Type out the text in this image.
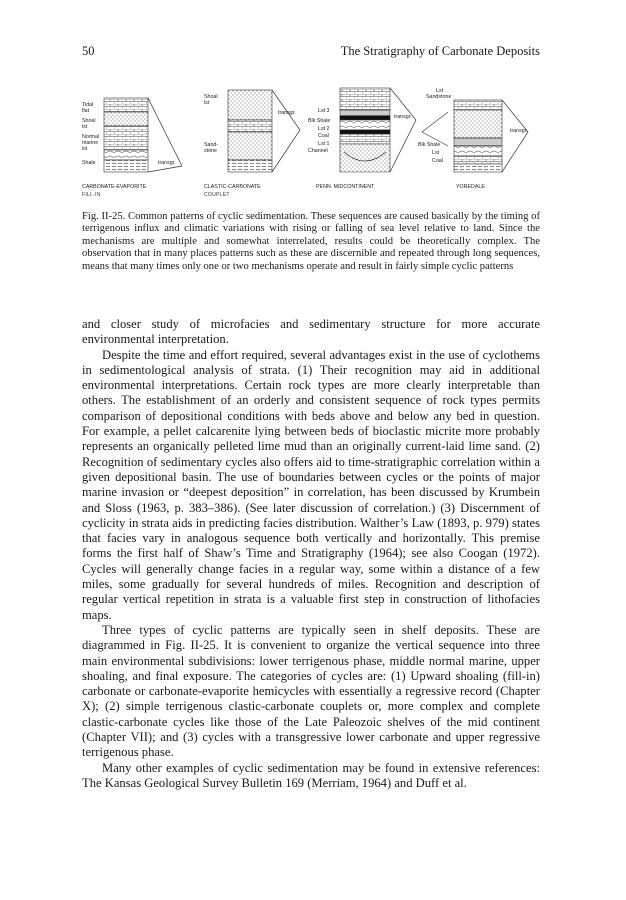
50	The Stratigraphy of Carbonate Deposits
Tidal
flat
Shoal
lst
Normal
marine
lst
Shale	transgr.
CARBONATE-EVAPORITE
FILL-IN
Shoal
lst
Sand-
stone
transgr.
CLASTIC-CARBONATE
COUPLET
Lst 3
Blk Shale
Lst 2
Coal
Lst 1
Channel
transgr.
PENN. MIDCONTINENT
Lst
Sandstone
Blk Shale
Lst
Coal
transgr.
YOREDALE
Fig. II-25. Common patterns of cyclic sedimentation. These sequences are caused basically by the timing of terrigenous influx and climatic variations with rising or falling of sea level relative to land. Since the mechanisms are multiple and somewhat interrelated, results could be theoretically complex. The observation that in many places patterns such as these are discernible and repeated through long sequences, means that many times only one or two mechanisms operate and result in fairly simple cyclic patterns

and closer study of microfacies and sedimentary structure for more accurate environmental interpretation.

Despite the time and effort required, several advantages exist in the use of cyclothems in sedimentological analysis of strata. (1) Their recognition may aid in additional environmental interpretations. Certain rock types are more clearly interpretable than others. The establishment of an orderly and consistent sequence of rock types permits comparison of depositional conditions with beds above and below any bed in question. For example, a pellet calcarenite lying between beds of bioclastic micrite more probably represents an organically pelleted lime mud than an originally current-laid lime sand. (2) Recognition of sedimentary cycles also offers aid to time-stratigraphic correlation within a given depositional basin. The use of boundaries between cycles or the points of major marine invasion or “deepest deposition” in correlation, has been discussed by Krumbein and Sloss (1963, p. 383–386). (See later discussion of correlation.) (3) Discernment of cyclicity in strata aids in predicting facies distribution. Walther’s Law (1893, p. 979) states that facies vary in analogous sequence both vertically and horizontally. This premise forms the first half of Shaw’s Time and Stratigraphy (1964); see also Coogan (1972). Cycles will generally change facies in a regular way, some within a distance of a few miles, some gradually for several hundreds of miles. Recognition and description of regular vertical repetition in strata is a valuable first step in construction of lithofacies maps.

Three types of cyclic patterns are typically seen in shelf deposits. These are diagrammed in Fig. II-25. It is convenient to organize the vertical sequence into three main environmental subdivisions: lower terrigenous phase, middle normal marine, upper shoaling, and final exposure. The categories of cycles are: (1) Upward shoaling (fill-in) carbonate or carbonate-evaporite hemicycles with essentially a regressive record (Chapter X); (2) simple terrigenous clastic-carbonate couplets or, more complex and complete clastic-carbonate cycles like those of the Late Paleozoic shelves of the mid continent (Chapter VII); and (3) cycles with a transgressive lower carbonate and upper regressive terrigenous phase.

Many other examples of cyclic sedimentation may be found in extensive references: The Kansas Geological Survey Bulletin 169 (Merriam, 1964) and Duff et al.
